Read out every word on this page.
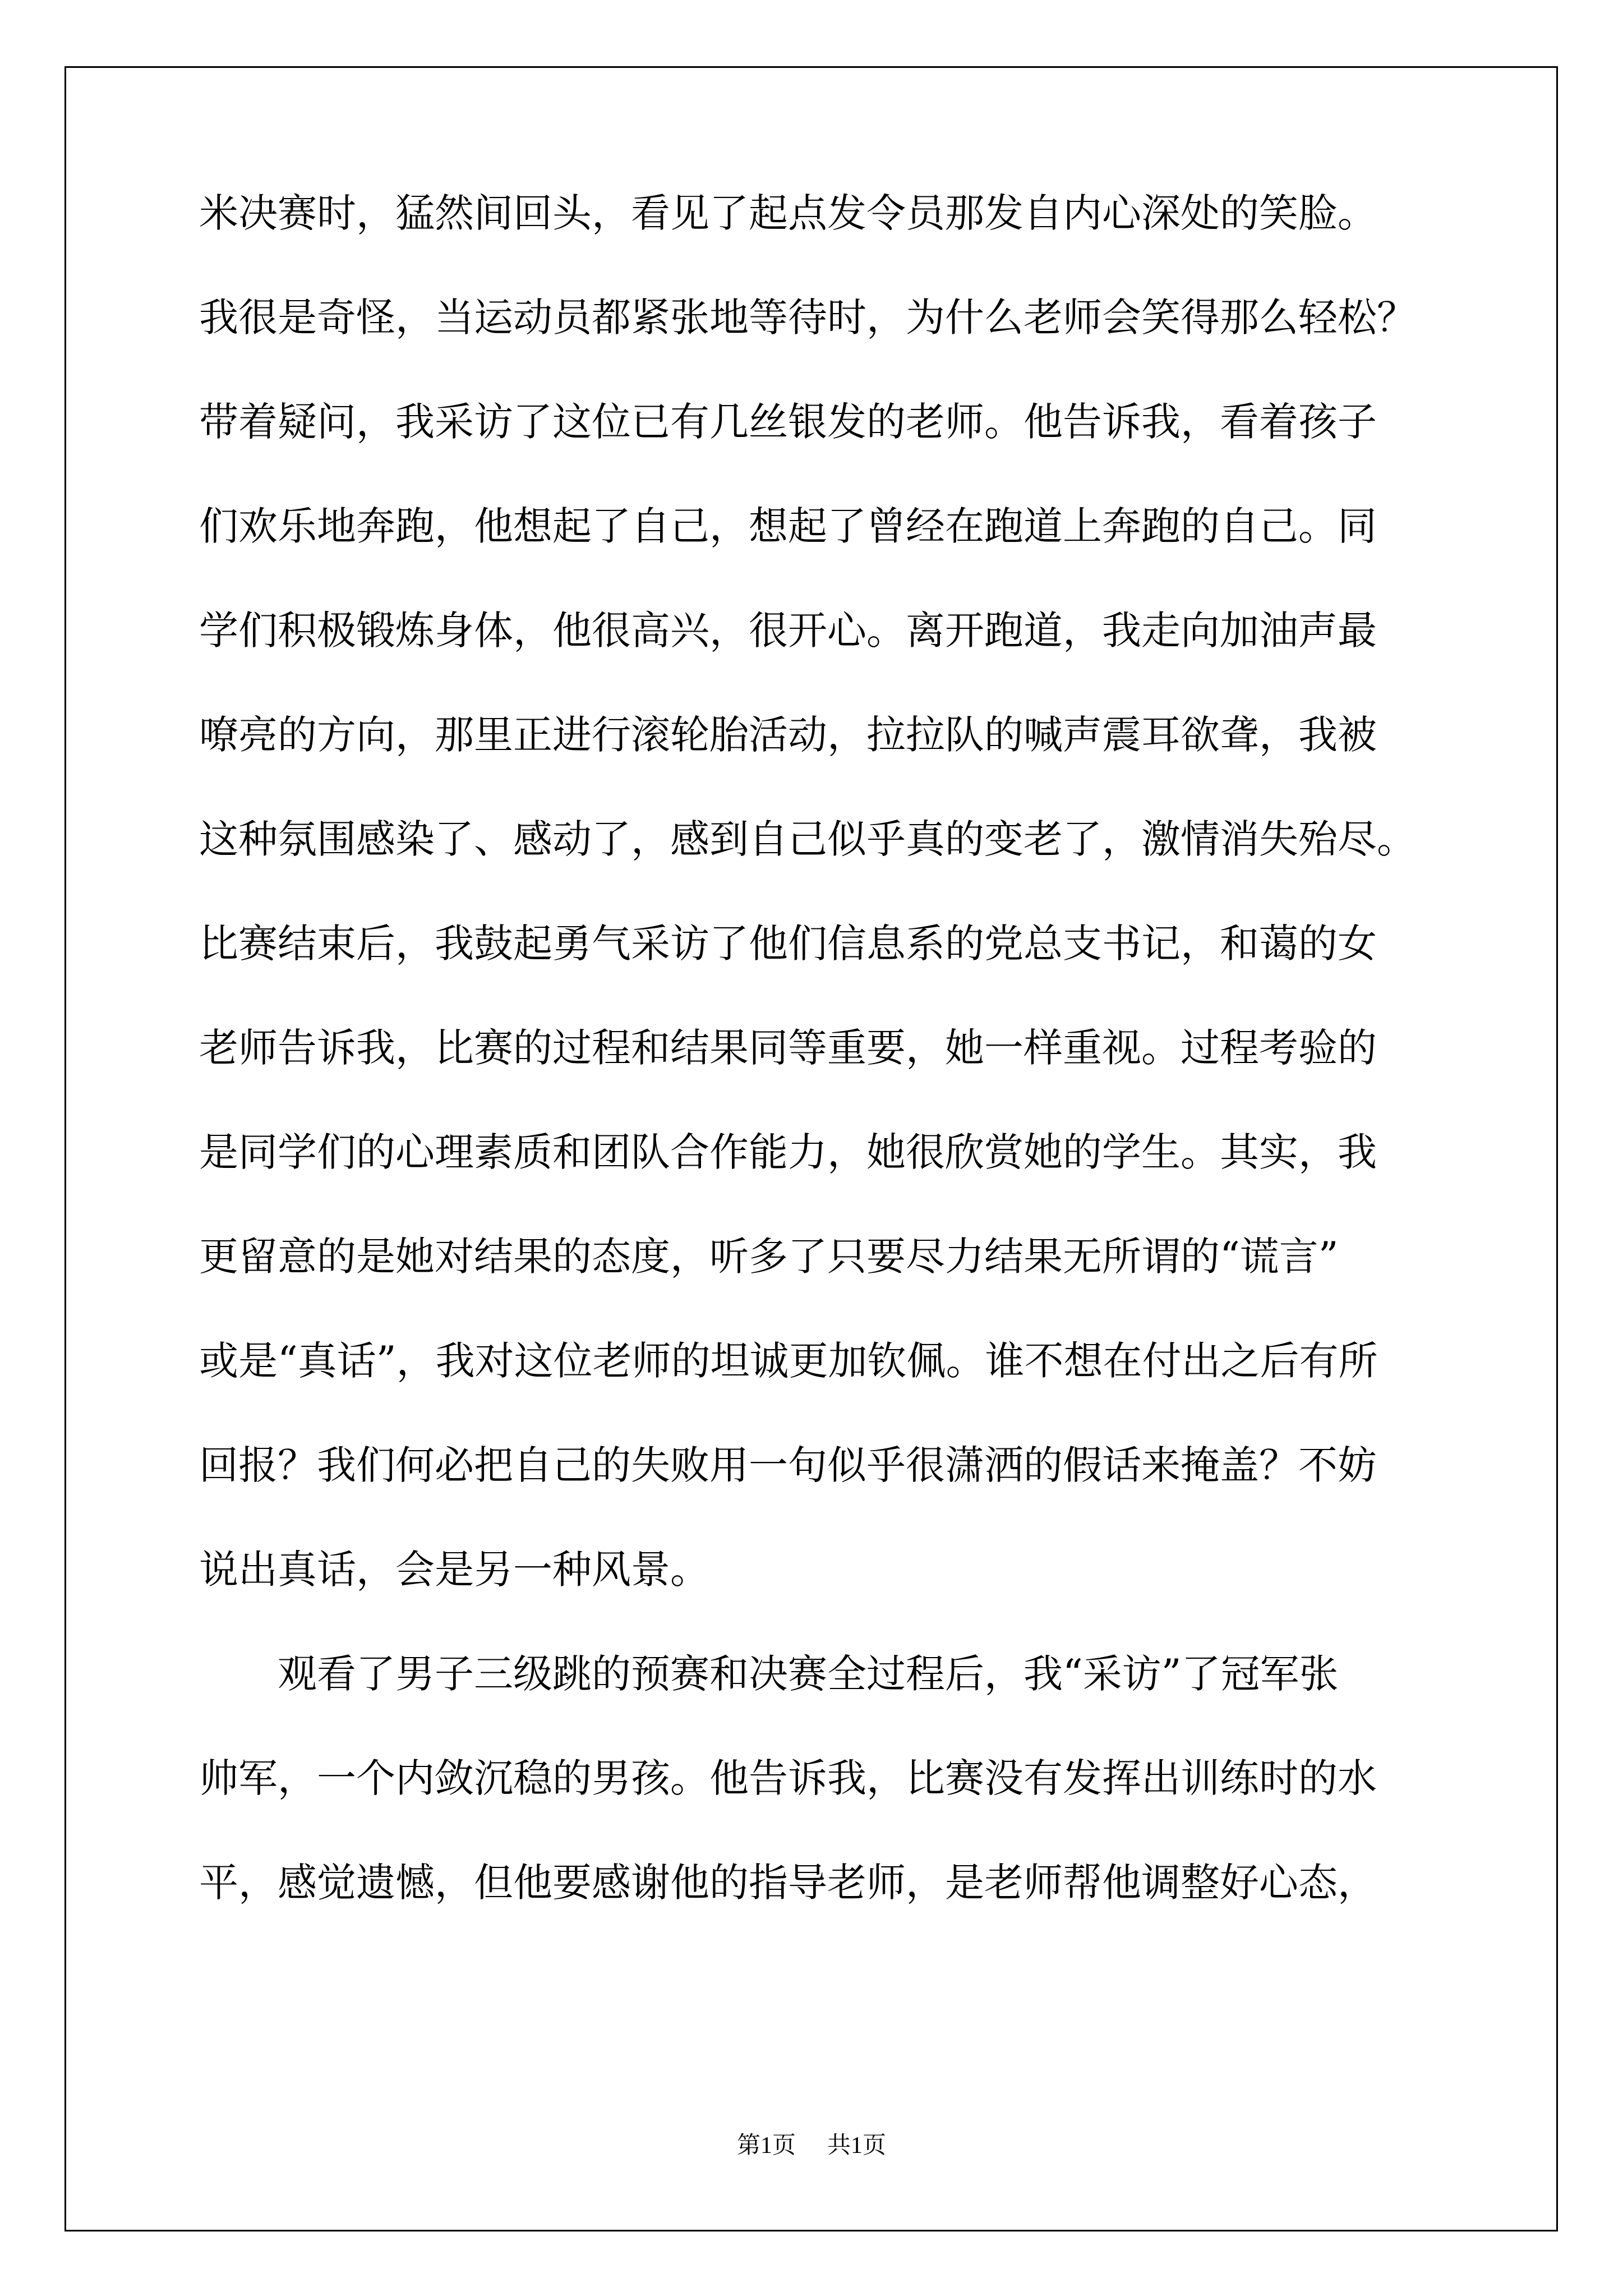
米决赛时，猛然间回头，看见了起点发令员那发自内心深处的笑脸。
我很是奇怪，当运动员都紧张地等待时，为什么老师会笑得那么轻松？
带着疑问，我采访了这位已有几丝银发的老师。他告诉我，看着孩子
们欢乐地奔跑，他想起了自己，想起了曾经在跑道上奔跑的自己。同
学们积极锻炼身体，他很高兴，很开心。离开跑道，我走向加油声最
嘹亮的方向，那里正进行滚轮胎活动，拉拉队的喊声震耳欲聋，我被
这种氛围感染了、感动了，感到自己似乎真的变老了，激情消失殆尽。
比赛结束后，我鼓起勇气采访了他们信息系的党总支书记，和蔼的女
老师告诉我，比赛的过程和结果同等重要，她一样重视。过程考验的
是同学们的心理素质和团队合作能力，她很欣赏她的学生。其实，我
更留意的是她对结果的态度，听多了只要尽力结果无所谓的“谎言”
或是“真话”，我对这位老师的坦诚更加钦佩。谁不想在付出之后有所
回报？我们何必把自己的失败用一句似乎很潇洒的假话来掩盖？不妨
说出真话，会是另一种风景。
　　观看了男子三级跳的预赛和决赛全过程后，我“采访”了冠军张
帅军，一个内敛沉稳的男孩。他告诉我，比赛没有发挥出训练时的水
平，感觉遗憾，但他要感谢他的指导老师，是老师帮他调整好心态，
第1页 共1页
